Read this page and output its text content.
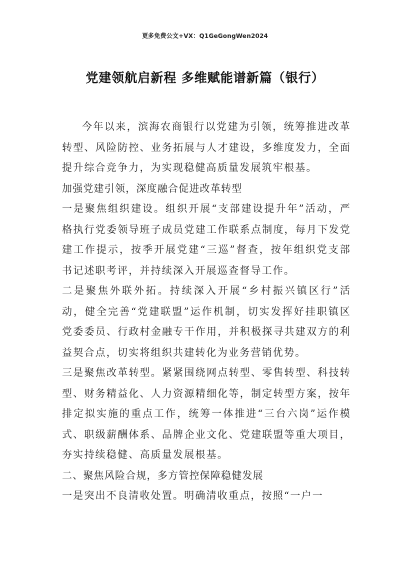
更多免费公文+VX：Q1GeGongWen2024
党建领航启新程 多维赋能谱新篇（银行）

今年以来，滨海农商银行以党建为引领，统筹推进改革转型、风险防控、业务拓展与人才建设，多维度发力，全面提升综合竞争力，为实现稳健高质量发展筑牢根基。

加强党建引领，深度融合促进改革转型

一是聚焦组织建设。组织开展“支部建设提升年”活动，严格执行党委领导班子成员党建工作联系点制度，每月下发党建工作提示，按季开展党建“三巡”督查，按年组织党支部书记述职考评，并持续深入开展巡查督导工作。

二是聚焦外联外拓。持续深入开展“乡村振兴镇区行”活动，健全完善“党建联盟”运作机制，切实发挥好挂职镇区党委委员、行政村金融专干作用，并积极探寻共建双方的利益契合点，切实将组织共建转化为业务营销优势。

三是聚焦改革转型。紧紧围绕网点转型、零售转型、科技转型、财务精益化、人力资源精细化等，制定转型方案，按年排定拟实施的重点工作，统筹一体推进“三台六岗”运作模式、职级薪酬体系、品牌企业文化、党建联盟等重大项目，夯实持续稳健、高质量发展根基。

二、聚焦风险合规，多方管控保障稳健发展

一是突出不良清收处置。明确清收重点，按照“一户一
